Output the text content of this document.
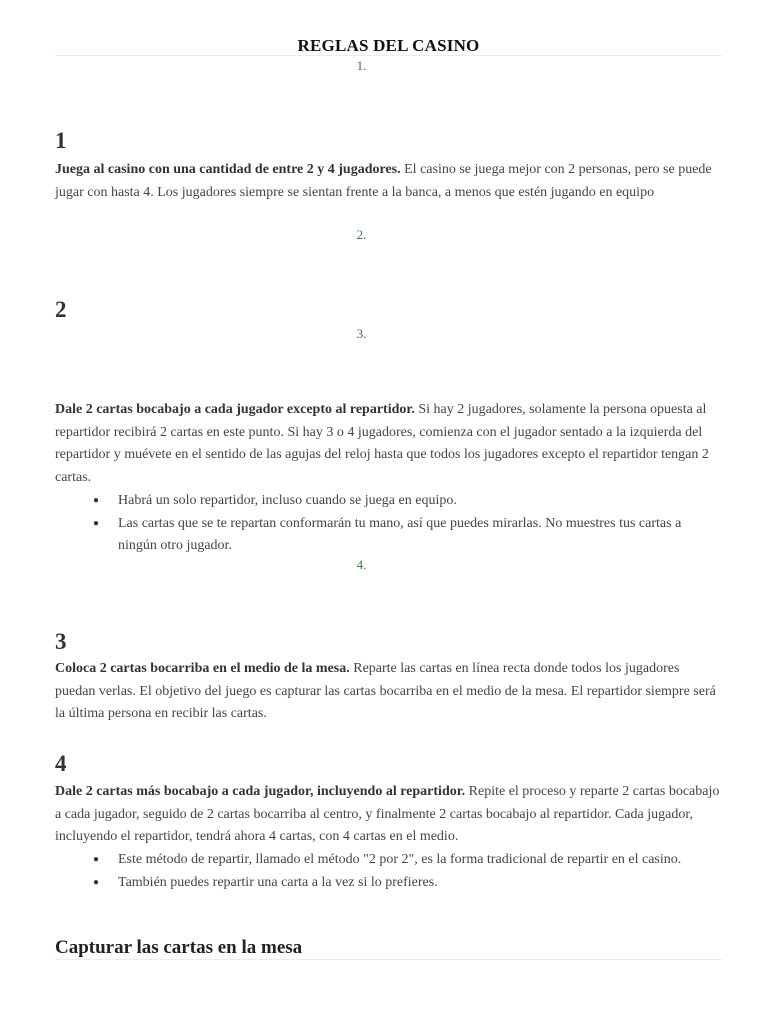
REGLAS DEL CASINO
1.
1
Juega al casino con una cantidad de entre 2 y 4 jugadores. El casino se juega mejor con 2 personas, pero se puede jugar con hasta 4. Los jugadores siempre se sientan frente a la banca, a menos que estén jugando en equipo
2.
2
3.
Dale 2 cartas bocabajo a cada jugador excepto al repartidor. Si hay 2 jugadores, solamente la persona opuesta al repartidor recibirá 2 cartas en este punto. Si hay 3 o 4 jugadores, comienza con el jugador sentado a la izquierda del repartidor y muévete en el sentido de las agujas del reloj hasta que todos los jugadores excepto el repartidor tengan 2 cartas.
● Habrá un solo repartidor, incluso cuando se juega en equipo.
● Las cartas que se te repartan conformarán tu mano, así que puedes mirarlas. No muestres tus cartas a ningún otro jugador.
4.
3
Coloca 2 cartas bocarriba en el medio de la mesa. Reparte las cartas en línea recta donde todos los jugadores puedan verlas. El objetivo del juego es capturar las cartas bocarriba en el medio de la mesa. El repartidor siempre será la última persona en recibir las cartas.
4
Dale 2 cartas más bocabajo a cada jugador, incluyendo al repartidor. Repite el proceso y reparte 2 cartas bocabajo a cada jugador, seguido de 2 cartas bocarriba al centro, y finalmente 2 cartas bocabajo al repartidor. Cada jugador, incluyendo el repartidor, tendrá ahora 4 cartas, con 4 cartas en el medio.
● Este método de repartir, llamado el método "2 por 2", es la forma tradicional de repartir en el casino.
● También puedes repartir una carta a la vez si lo prefieres.
Capturar las cartas en la mesa
